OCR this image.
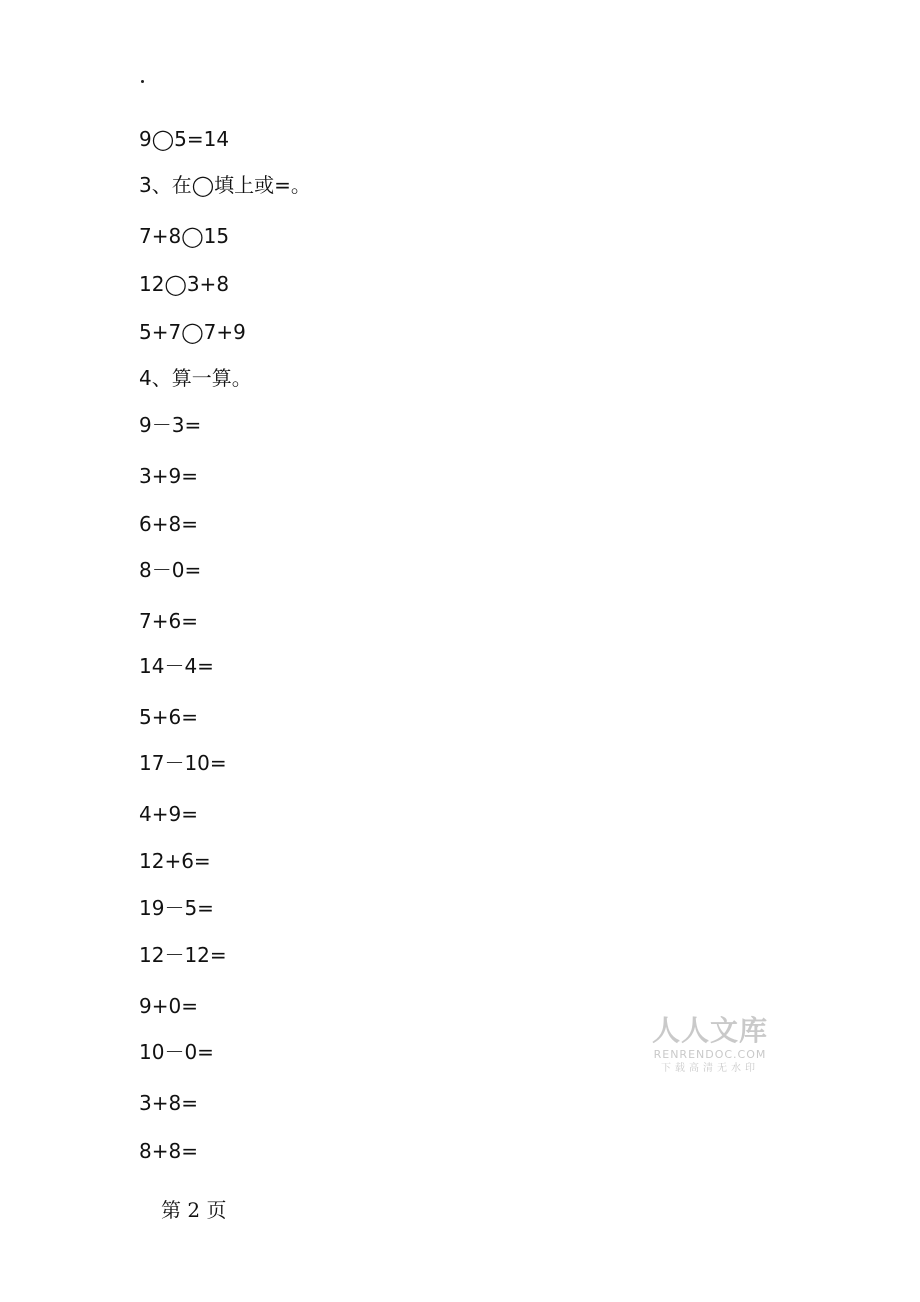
9◯5=14
3、在◯填上或=。
7+8◯15
12◯3+8
5+7◯7+9
4、算一算。
9－3=
3+9=
6+8=
8－0=
7+6=
14－4=
5+6=
17－10=
4+9=
12+6=
19－5=
12－12=
9+0=
10－0=
3+8=
8+8=
第 2 页
人人文库
RENRENDOC.COM
下载高清无水印
